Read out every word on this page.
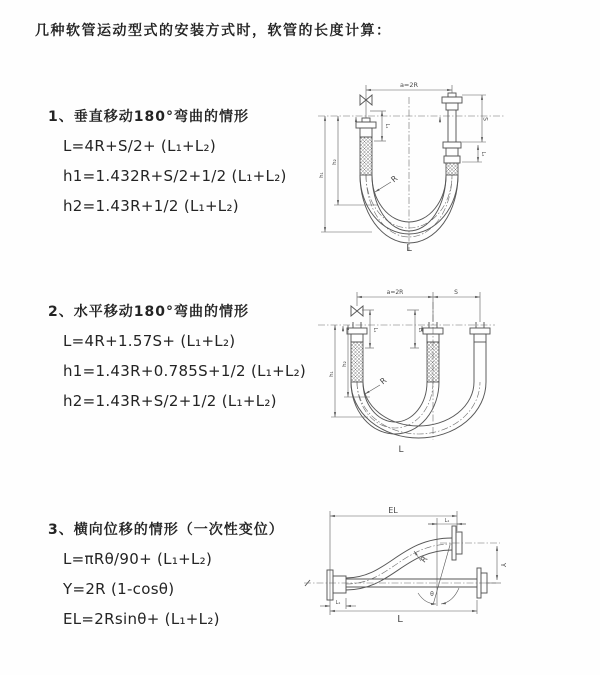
几种软管运动型式的安装方式时，软管的长度计算：
1、垂直移动180°弯曲的情形
L=4R+S/2+ (L₁+L₂)
h1=1.432R+S/2+1/2 (L₁+L₂)
h2=1.43R+1/2 (L₁+L₂)
2、水平移动180°弯曲的情形
L=4R+1.57S+ (L₁+L₂)
h1=1.43R+0.785S+1/2 (L₁+L₂)
h2=1.43R+S/2+1/2 (L₁+L₂)
3、横向位移的情形（一次性变位）
L=πRθ/90+ (L₁+L₂)
Y=2R (1-cosθ)
EL=2Rsinθ+ (L₁+L₂)
a=2R
S
L₂
L₁
h₁
h₂
R
L
a=2R	S
h₁
h₂
L₁	L₁
R
L
EL
L₁
Y
L
L₁
R
θ
